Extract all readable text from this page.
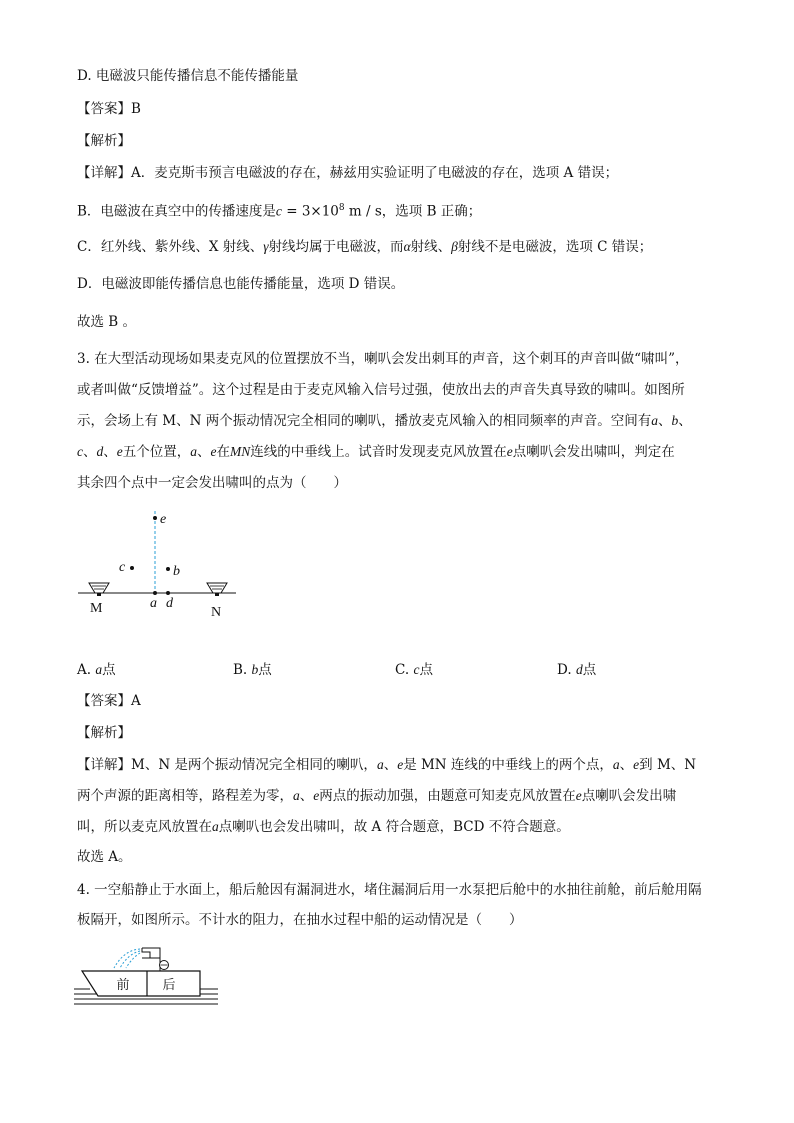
D. 电磁波只能传播信息不能传播能量
【答案】B
【解析】
【详解】A．麦克斯韦预言电磁波的存在，赫兹用实验证明了电磁波的存在，选项 A 错误；
B．电磁波在真空中的传播速度是$c = 3\times 10^8$ m / s，选项 B 正确；
C．红外线、紫外线、X 射线、γ射线均属于电磁波，而α射线、β射线不是电磁波，选项 C 错误；
D．电磁波即能传播信息也能传播能量，选项 D 错误。
故选 B 。
3. 在大型活动现场如果麦克风的位置摆放不当，喇叭会发出刺耳的声音，这个刺耳的声音叫做“啸叫”，
或者叫做“反馈增益”。这个过程是由于麦克风输入信号过强，使放出去的声音失真导致的啸叫。如图所
示，会场上有 M、N 两个振动情况完全相同的喇叭，播放麦克风输入的相同频率的声音。空间有a、b、
c、d、e五个位置，a、e在MN连线的中垂线上。试音时发现麦克风放置在e点喇叭会发出啸叫，判定在
其余四个点中一定会发出啸叫的点为（　　）
e
c	b
a d
M	N
A. a点	B. b点	C. c点	D. d点
【答案】A
【解析】
【详解】M、N 是两个振动情况完全相同的喇叭，a、e是 MN 连线的中垂线上的两个点，a、e到 M、N
两个声源的距离相等，路程差为零，a、e两点的振动加强，由题意可知麦克风放置在e点喇叭会发出啸
叫，所以麦克风放置在a点喇叭也会发出啸叫，故 A 符合题意，BCD 不符合题意。
故选 A。
4. 一空船静止于水面上，船后舱因有漏洞进水，堵住漏洞后用一水泵把后舱中的水抽往前舱，前后舱用隔
板隔开，如图所示。不计水的阻力，在抽水过程中船的运动情况是（　　）
前	后
